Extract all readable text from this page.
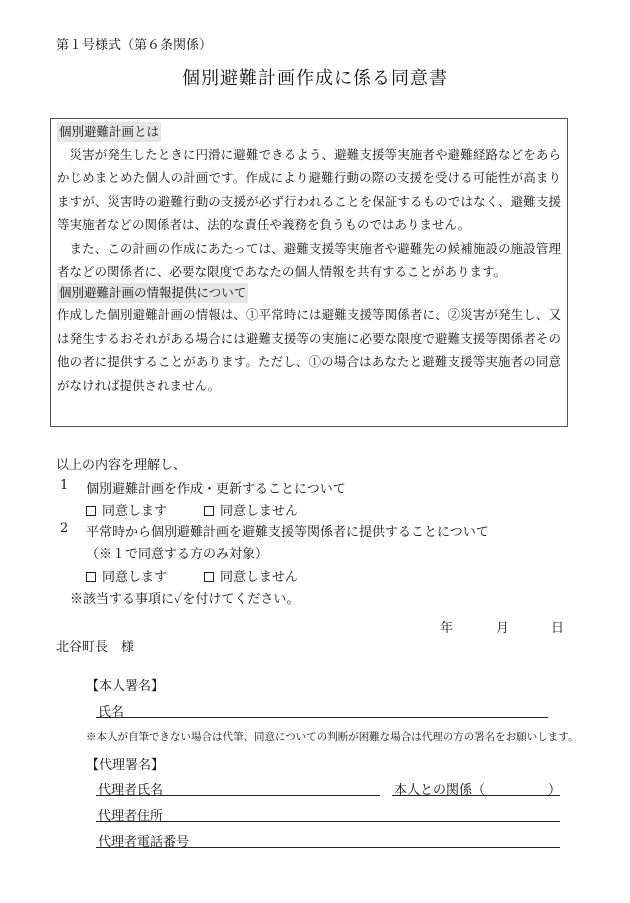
第１号様式（第６条関係）
個別避難計画作成に係る同意書
個別避難計画とは

災害が発生したときに円滑に避難できるよう、避難支援等実施者や避難経路などをあらかじめまとめた個人の計画です。作成により避難行動の際の支援を受ける可能性が高まりますが、災害時の避難行動の支援が必ず行われることを保証するものではなく、避難支援等実施者などの関係者は、法的な責任や義務を負うものではありません。

また、この計画の作成にあたっては、避難支援等実施者や避難先の候補施設の施設管理者などの関係者に、必要な限度であなたの個人情報を共有することがあります。

個別避難計画の情報提供について

作成した個別避難計画の情報は、①平常時には避難支援等関係者に、②災害が発生し、又は発生するおそれがある場合には避難支援等の実施に必要な限度で避難支援等関係者その他の者に提供することがあります。ただし、①の場合はあなたと避難支援等実施者の同意がなければ提供されません。

以上の内容を理解し、
1 個別避難計画を作成・更新することについて
同意します	同意しません
2 平常時から個別避難計画を避難支援等関係者に提供することについて
（※１で同意する方のみ対象）
同意します	同意しません
※該当する事項に✓を付けてください。
年	月	日
北谷町長　様
【本人署名】
氏名
※本人が自筆できない場合は代筆、同意についての判断が困難な場合は代理の方の署名をお願いします。
【代理署名】
代理者氏名	本人との関係（	）
代理者住所
代理者電話番号
